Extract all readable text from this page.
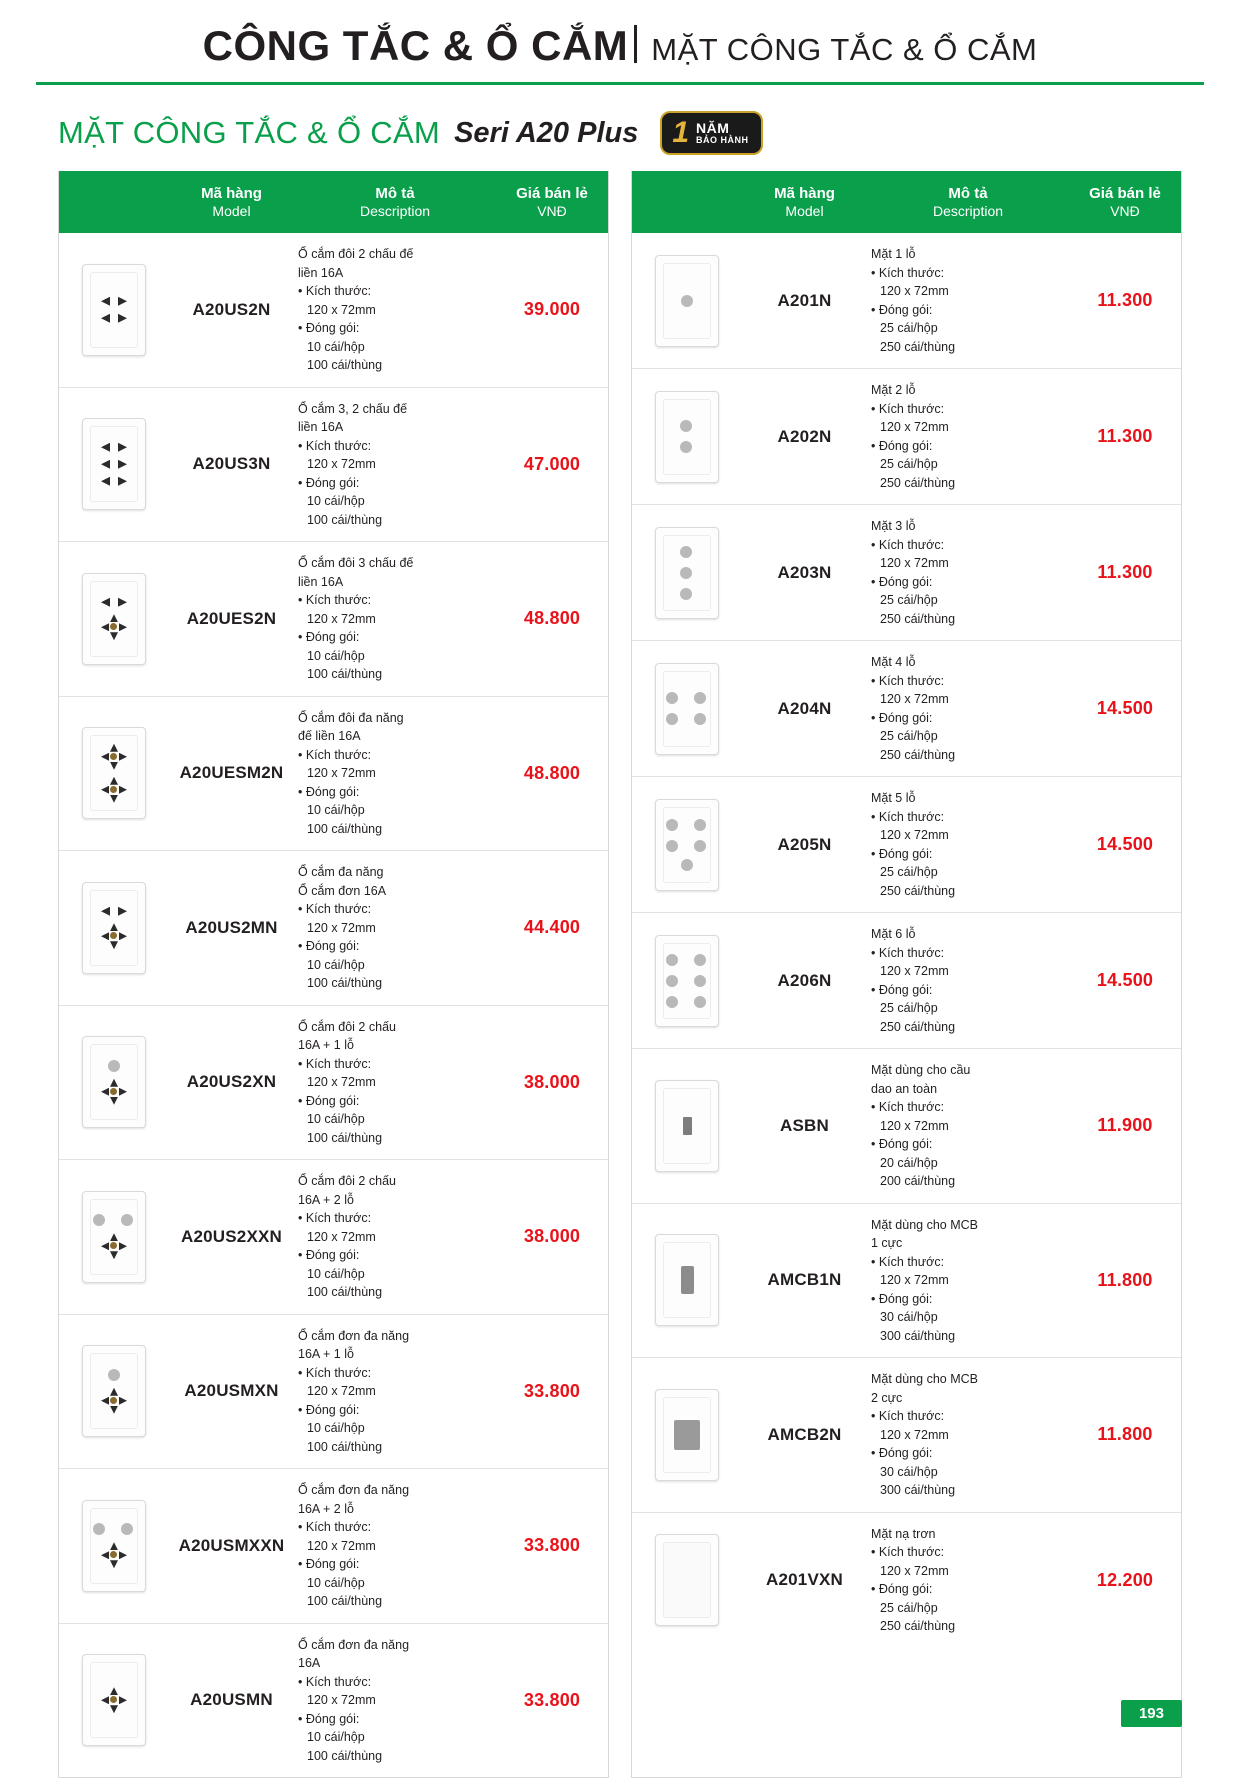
CÔNG TẮC & Ổ CẮM MẶT CÔNG TẮC & Ổ CẮM
MẶT CÔNG TẮC & Ổ CẮM Seri A20 Plus 1 NĂM
BẢO HÀNH
Mã hàng
Model
Mô tả
Description
Giá bán lẻ
VNĐ
A20US2N
Ổ cắm đôi 2 chấu đế
liền 16A
• Kích thước:
120 x 72mm
• Đóng gói:
10 cái/hộp
100 cái/thùng
39.000
A20US3N
Ổ cắm 3, 2 chấu đế
liền 16A
• Kích thước:
120 x 72mm
• Đóng gói:
10 cái/hộp
100 cái/thùng
47.000
A20UES2N
Ổ cắm đôi 3 chấu đế
liền 16A
• Kích thước:
120 x 72mm
• Đóng gói:
10 cái/hộp
100 cái/thùng
48.800
A20UESM2N
Ổ cắm đôi đa năng
đế liền 16A
• Kích thước:
120 x 72mm
• Đóng gói:
10 cái/hộp
100 cái/thùng
48.800
A20US2MN
Ổ cắm đa năng
Ổ cắm đơn 16A
• Kích thước:
120 x 72mm
• Đóng gói:
10 cái/hộp
100 cái/thùng
44.400
A20US2XN
Ổ cắm đôi 2 chấu
16A + 1 lỗ
• Kích thước:
120 x 72mm
• Đóng gói:
10 cái/hộp
100 cái/thùng
38.000
A20US2XXN
Ổ cắm đôi 2 chấu
16A + 2 lỗ
• Kích thước:
120 x 72mm
• Đóng gói:
10 cái/hộp
100 cái/thùng
38.000
A20USMXN
Ổ cắm đơn đa năng
16A + 1 lỗ
• Kích thước:
120 x 72mm
• Đóng gói:
10 cái/hộp
100 cái/thùng
33.800
A20USMXXN
Ổ cắm đơn đa năng
16A + 2 lỗ
• Kích thước:
120 x 72mm
• Đóng gói:
10 cái/hộp
100 cái/thùng
33.800
A20USMN
Ổ cắm đơn đa năng
16A
• Kích thước:
120 x 72mm
• Đóng gói:
10 cái/hộp
100 cái/thùng
33.800
Mã hàng
Model
Mô tả
Description
Giá bán lẻ
VNĐ
A201N
Mặt 1 lỗ
• Kích thước:
120 x 72mm
• Đóng gói:
25 cái/hộp
250 cái/thùng
11.300
A202N
Mặt 2 lỗ
• Kích thước:
120 x 72mm
• Đóng gói:
25 cái/hộp
250 cái/thùng
11.300
A203N
Mặt 3 lỗ
• Kích thước:
120 x 72mm
• Đóng gói:
25 cái/hộp
250 cái/thùng
11.300
A204N
Mặt 4 lỗ
• Kích thước:
120 x 72mm
• Đóng gói:
25 cái/hộp
250 cái/thùng
14.500
A205N
Mặt 5 lỗ
• Kích thước:
120 x 72mm
• Đóng gói:
25 cái/hộp
250 cái/thùng
14.500
A206N
Mặt 6 lỗ
• Kích thước:
120 x 72mm
• Đóng gói:
25 cái/hộp
250 cái/thùng
14.500
ASBN
Mặt dùng cho cầu
dao an toàn
• Kích thước:
120 x 72mm
• Đóng gói:
20 cái/hộp
200 cái/thùng
11.900
AMCB1N
Mặt dùng cho MCB
1 cực
• Kích thước:
120 x 72mm
• Đóng gói:
30 cái/hộp
300 cái/thùng
11.800
AMCB2N
Mặt dùng cho MCB
2 cực
• Kích thước:
120 x 72mm
• Đóng gói:
30 cái/hộp
300 cái/thùng
11.800
A201VXN
Mặt nạ trơn
• Kích thước:
120 x 72mm
• Đóng gói:
25 cái/hộp
250 cái/thùng
12.200
193
